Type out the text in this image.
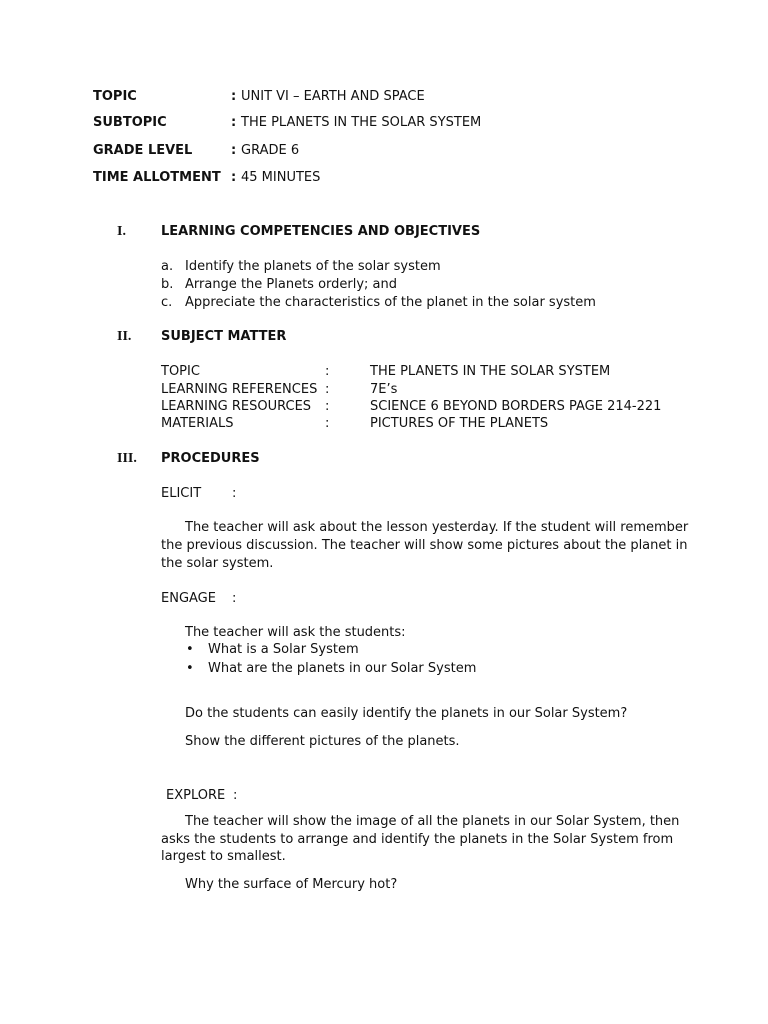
TOPIC	: UNIT VI – EARTH AND SPACE
SUBTOPIC	: THE PLANETS IN THE SOLAR SYSTEM
GRADE LEVEL	: GRADE 6
TIME ALLOTMENT : 45 MINUTES
I.	LEARNING COMPETENCIES AND OBJECTIVES
a. Identify the planets of the solar system
b. Arrange the Planets orderly; and
c. Appreciate the characteristics of the planet in the solar system
II. SUBJECT MATTER
TOPIC	:	THE PLANETS IN THE SOLAR SYSTEM
LEARNING REFERENCES :	7E’s
LEARNING RESOURCES :	SCIENCE 6 BEYOND BORDERS PAGE 214-221
MATERIALS	:	PICTURES OF THE PLANETS
III. PROCEDURES
ELICIT :
The teacher will ask about the lesson yesterday. If the student will remember
the previous discussion. The teacher will show some pictures about the planet in
the solar system.
ENGAGE :
The teacher will ask the students:
• What is a Solar System
• What are the planets in our Solar System
Do the students can easily identify the planets in our Solar System?
Show the different pictures of the planets.
EXPLORE :
The teacher will show the image of all the planets in our Solar System, then
asks the students to arrange and identify the planets in the Solar System from
largest to smallest.
Why the surface of Mercury hot?
